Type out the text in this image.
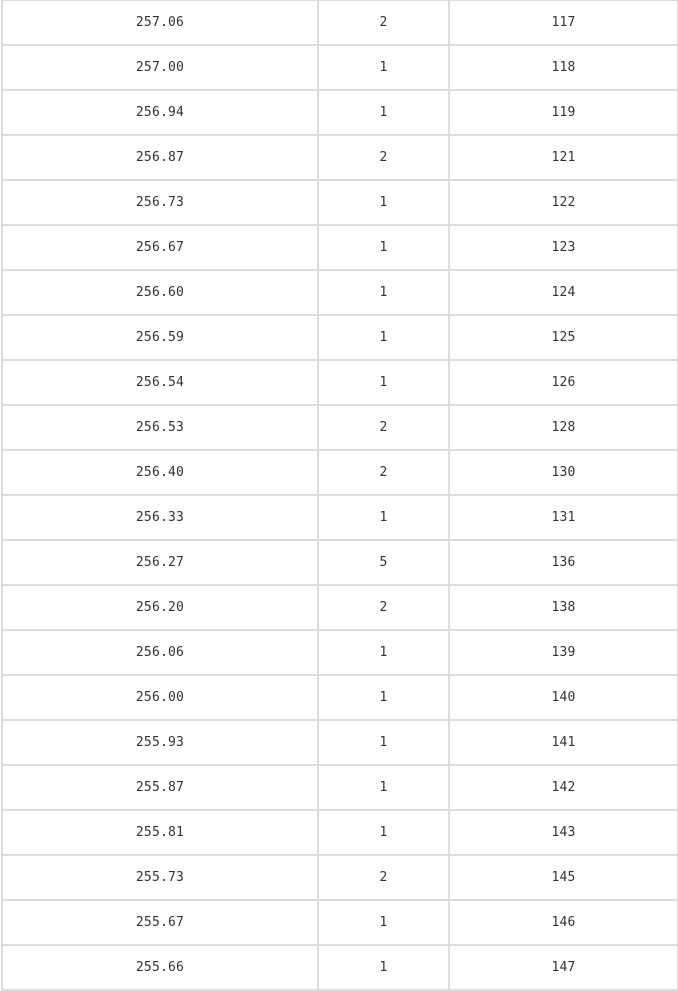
257.06	2	117
257.00	1	118
256.94	1	119
256.87	2	121
256.73	1	122
256.67	1	123
256.60	1	124
256.59	1	125
256.54	1	126
256.53	2	128
256.40	2	130
256.33	1	131
256.27	5	136
256.20	2	138
256.06	1	139
256.00	1	140
255.93	1	141
255.87	1	142
255.81	1	143
255.73	2	145
255.67	1	146
255.66	1	147
